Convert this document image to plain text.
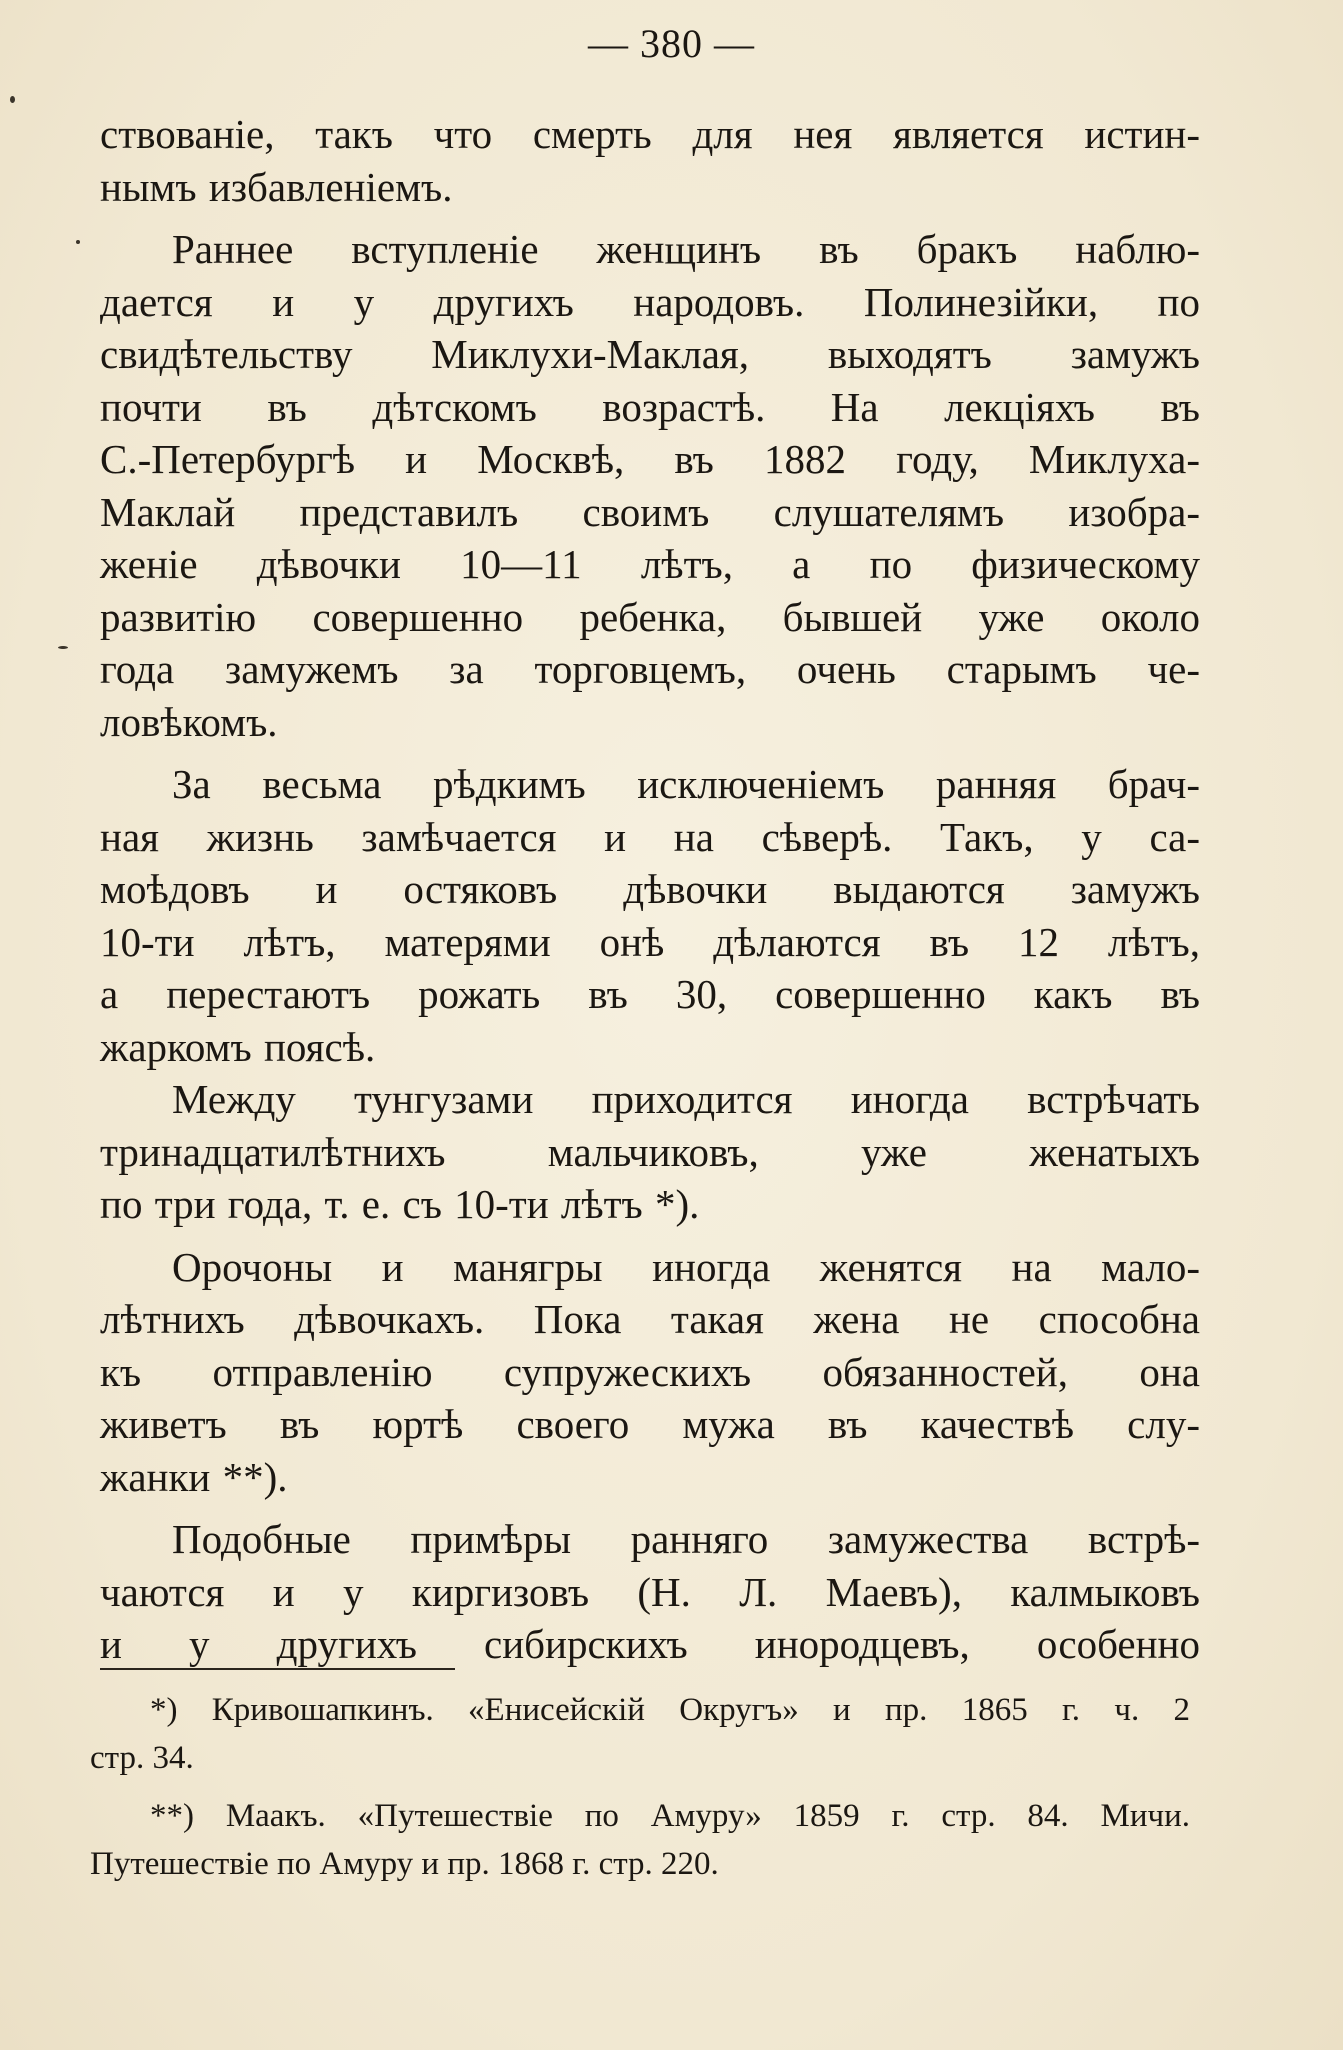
— 380 —
ствованіе, такъ что смерть для нея является истин-
нымъ избавленіемъ.
Раннее вступленіе женщинъ въ бракъ наблю-
дается и у другихъ народовъ. Полинезійки, по
свидѣтельству Миклухи-Маклая, выходятъ замужъ
почти въ дѣтскомъ возрастѣ. На лекціяхъ въ
С.-Петербургѣ и Москвѣ, въ 1882 году, Миклуха-
Маклай представилъ своимъ слушателямъ изобра-
женіе дѣвочки 10—11 лѣтъ, а по физическому
развитію совершенно ребенка, бывшей уже около
года замужемъ за торговцемъ, очень старымъ че-
ловѣкомъ.
За весьма рѣдкимъ исключеніемъ ранняя брач-
ная жизнь замѣчается и на сѣверѣ. Такъ, у са-
моѣдовъ и остяковъ дѣвочки выдаются замужъ
10-ти лѣтъ, матерями онѣ дѣлаются въ 12 лѣтъ,
а перестаютъ рожать въ 30, совершенно какъ въ
жаркомъ поясѣ.
Между тунгузами приходится иногда встрѣчать
тринадцатилѣтнихъ мальчиковъ, уже женатыхъ
по три года, т. е. съ 10-ти лѣтъ *).
Орочоны и манягры иногда женятся на мало-
лѣтнихъ дѣвочкахъ. Пока такая жена не способна
къ отправленію супружескихъ обязанностей, она
живетъ въ юртѣ своего мужа въ качествѣ слу-
жанки **).
Подобные примѣры ранняго замужества встрѣ-
чаются и у киргизовъ (Н. Л. Маевъ), калмыковъ
и у другихъ сибирскихъ инородцевъ, особенно
*) Кривошапкинъ. «Енисейскій Округъ» и пр. 1865 г. ч. 2
стр. 34.
**) Маакъ. «Путешествіе по Амуру» 1859 г. стр. 84. Мичи.
Путешествіе по Амуру и пр. 1868 г. стр. 220.
